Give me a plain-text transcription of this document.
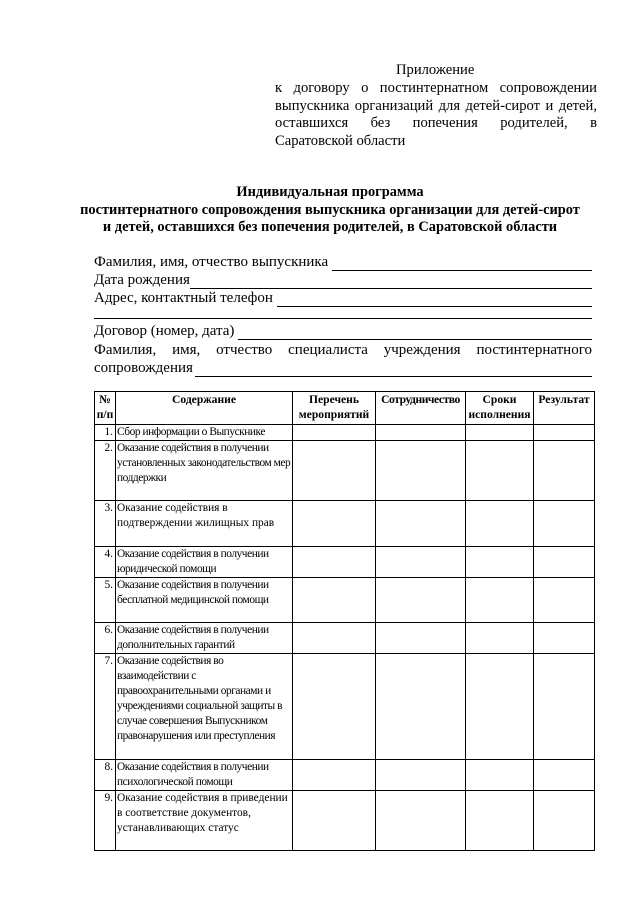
Приложение
к договору о постинтернатном сопровождении выпускника организаций для детей-сирот и детей, оставшихся без попечения родителей, в Саратовской области
Индивидуальная программа
постинтернатного сопровождения выпускника организации для детей-сирот
и детей, оставшихся без попечения родителей, в Саратовской области
Фамилия, имя, отчество выпускника
Дата рождения
Адрес, контактный телефон
Договор (номер, дата)
Фамилия, имя, отчество специалиста учреждения постинтернатного
сопровождения
№ п/п	Содержание	Перечень мероприятий	Сотрудничество	Сроки исполнения	Результат
1.	Сбор информации о Выпускнике				
2.	Оказание содействия в получении установленных законодательством мер поддержки				
3.	Оказание содействия в подтверждении жилищных прав				
4.	Оказание содействия в получении юридической помощи				
5.	Оказание содействия в получении бесплатной медицинской помощи				
6.	Оказание содействия в получении дополнительных гарантий				
7.	Оказание содействия во взаимодействии с правоохранительными органами и учреждениями социальной защиты в случае совершения Выпускником правонарушения или преступления				
8.	Оказание содействия в получении психологической помощи				
9.	Оказание содействия в приведении в соответствие документов, устанавливающих статус				
